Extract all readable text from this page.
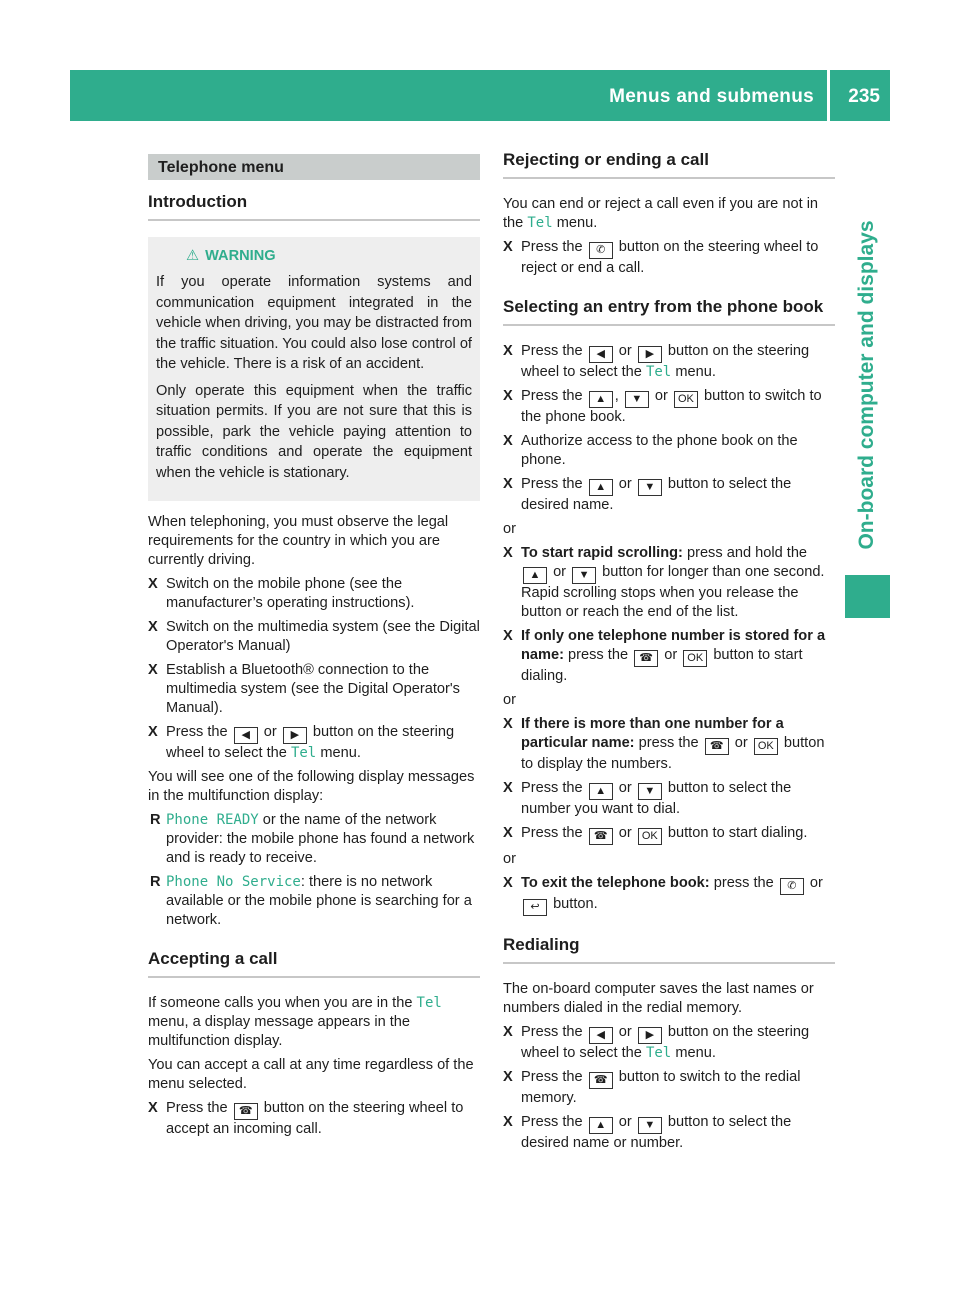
Menus and submenus 235
On-board computer and displays
Telephone menu
Introduction
⚠ WARNING

If you operate information systems and communication equipment integrated in the vehicle when driving, you may be distracted from the traffic situation. You could also lose control of the vehicle. There is a risk of an accident.

Only operate this equipment when the traffic situation permits. If you are not sure that this is possible, park the vehicle paying attention to traffic conditions and operate the equipment when the vehicle is stationary.

When telephoning, you must observe the legal requirements for the country in which you are currently driving.

X Switch on the mobile phone (see the manufacturer’s operating instructions).
X Switch on the multimedia system (see the Digital Operator's Manual)
X Establish a Bluetooth® connection to the multimedia system (see the Digital Operator's Manual).
X Press the ◀ or ▶ button on the steering wheel to select the Tel menu.

You will see one of the following display messages in the multifunction display:

R Phone READY or the name of the network provider: the mobile phone has found a network and is ready to receive.
R Phone No Service: there is no network available or the mobile phone is searching for a network.
Accepting a call

If someone calls you when you are in the Tel menu, a display message appears in the multifunction display.

You can accept a call at any time regardless of the menu selected.

X Press the ☎ button on the steering wheel to accept an incoming call.
Rejecting or ending a call

You can end or reject a call even if you are not in the Tel menu.

X Press the ✆ button on the steering wheel to reject or end a call.
Selecting an entry from the phone book
X Press the ◀ or ▶ button on the steering wheel to select the Tel menu.
X Press the ▲ , ▼ or OK button to switch to the phone book.
X Authorize access to the phone book on the phone.
X Press the ▲ or ▼ button to select the desired name.

or

X To start rapid scrolling: press and hold the ▲ or ▼ button for longer than one second.
Rapid scrolling stops when you release the button or reach the end of the list.
X If only one telephone number is stored for a name: press the ☎ or OK button to start dialing.

or

X If there is more than one number for a particular name: press the ☎ or OK button to display the numbers.
X Press the ▲ or ▼ button to select the number you want to dial.
X Press the ☎ or OK button to start dialing.

or

X To exit the telephone book: press the ✆ or ↩ button.
Redialing

The on-board computer saves the last names or numbers dialed in the redial memory.

X Press the ◀ or ▶ button on the steering wheel to select the Tel menu.
X Press the ☎ button to switch to the redial memory.
X Press the ▲ or ▼ button to select the desired name or number.
